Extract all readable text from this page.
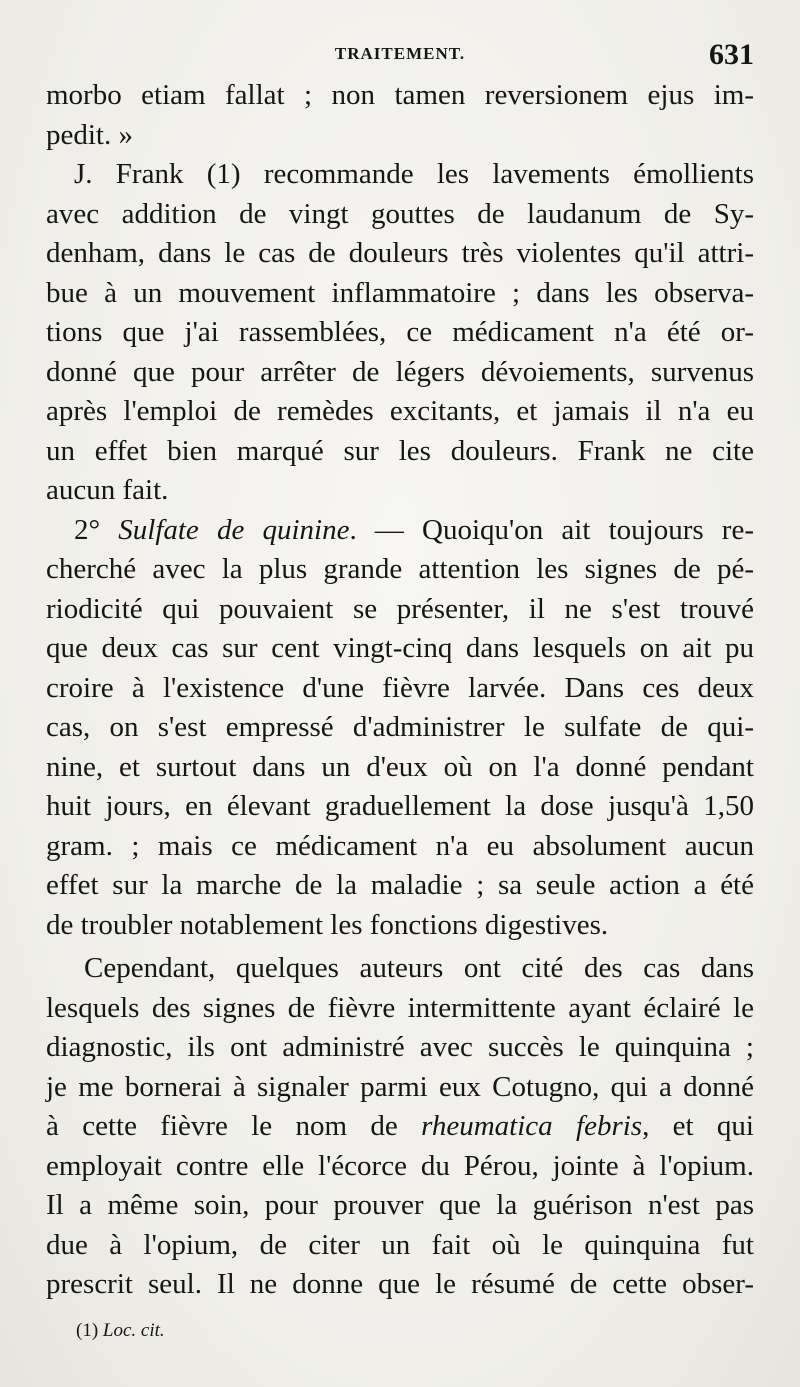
TRAITEMENT.	631
morbo etiam fallat ; non tamen reversionem ejus im-
pedit. »
J. Frank (1) recommande les lavements émollients
avec addition de vingt gouttes de laudanum de Sy-
denham, dans le cas de douleurs très violentes qu'il attri-
bue à un mouvement inflammatoire ; dans les observa-
tions que j'ai rassemblées, ce médicament n'a été or-
donné que pour arrêter de légers dévoiements, survenus
après l'emploi de remèdes excitants, et jamais il n'a eu
un effet bien marqué sur les douleurs. Frank ne cite
aucun fait.
2° Sulfate de quinine. — Quoiqu'on ait toujours re-
cherché avec la plus grande attention les signes de pé-
riodicité qui pouvaient se présenter, il ne s'est trouvé
que deux cas sur cent vingt-cinq dans lesquels on ait pu
croire à l'existence d'une fièvre larvée. Dans ces deux
cas, on s'est empressé d'administrer le sulfate de qui-
nine, et surtout dans un d'eux où on l'a donné pendant
huit jours, en élevant graduellement la dose jusqu'à 1,50
gram. ; mais ce médicament n'a eu absolument aucun
effet sur la marche de la maladie ; sa seule action a été
de troubler notablement les fonctions digestives.
Cependant, quelques auteurs ont cité des cas dans
lesquels des signes de fièvre intermittente ayant éclairé le
diagnostic, ils ont administré avec succès le quinquina ;
je me bornerai à signaler parmi eux Cotugno, qui a donné
à cette fièvre le nom de rheumatica febris, et qui
employait contre elle l'écorce du Pérou, jointe à l'opium.
Il a même soin, pour prouver que la guérison n'est pas
due à l'opium, de citer un fait où le quinquina fut
prescrit seul. Il ne donne que le résumé de cette obser-
(1) Loc. cit.
